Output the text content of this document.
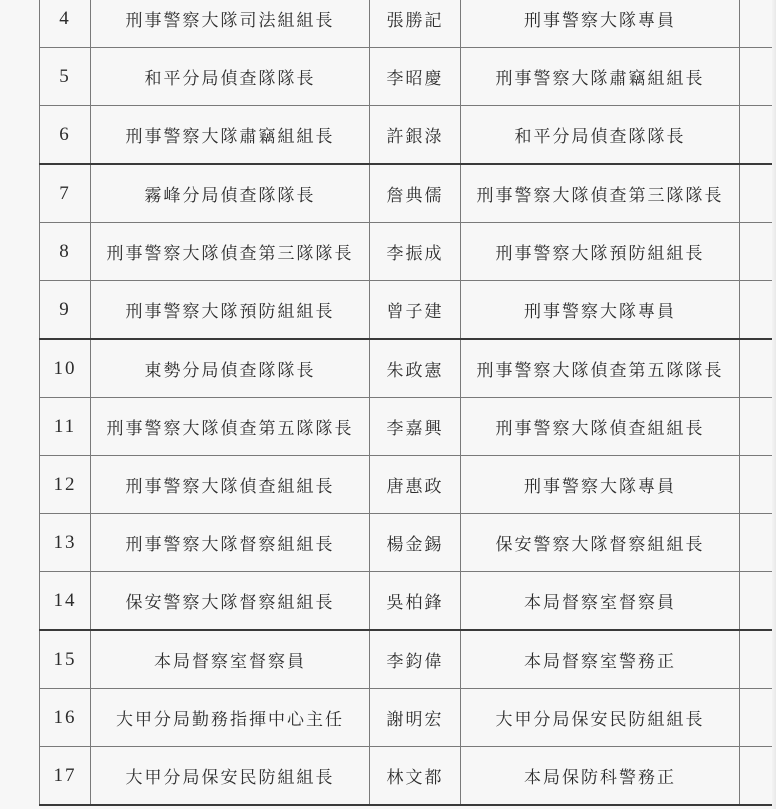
4	刑事警察大隊司法組組長	張勝記	刑事警察大隊專員	
5	和平分局偵查隊隊長	李昭慶	刑事警察大隊肅竊組組長	
6	刑事警察大隊肅竊組組長	許銀淥	和平分局偵查隊隊長	
7	霧峰分局偵查隊隊長	詹典儒	刑事警察大隊偵查第三隊隊長	
8	刑事警察大隊偵查第三隊隊長	李振成	刑事警察大隊預防組組長	
9	刑事警察大隊預防組組長	曾子建	刑事警察大隊專員	
10	東勢分局偵查隊隊長	朱政憲	刑事警察大隊偵查第五隊隊長	
11	刑事警察大隊偵查第五隊隊長	李嘉興	刑事警察大隊偵查組組長	
12	刑事警察大隊偵查組組長	唐惠政	刑事警察大隊專員	
13	刑事警察大隊督察組組長	楊金錫	保安警察大隊督察組組長	
14	保安警察大隊督察組組長	吳柏鋒	本局督察室督察員	
15	本局督察室督察員	李鈞偉	本局督察室警務正	
16	大甲分局勤務指揮中心主任	謝明宏	大甲分局保安民防組組長	
17	大甲分局保安民防組組長	林文都	本局保防科警務正	
